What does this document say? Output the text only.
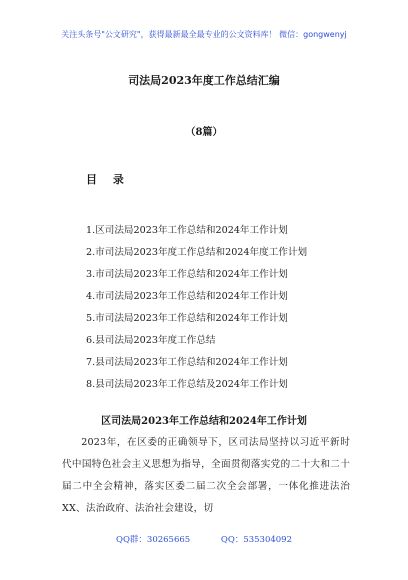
关注头条号"公文研究"，获得最新最全最专业的公文资料库！ 微信：gongwenyj
司法局2023年度工作总结汇编
（8篇）
目 录
1.区司法局2023年工作总结和2024年工作计划
2.市司法局2023年度工作总结和2024年度工作计划
3.市司法局2023年工作总结和2024年工作计划
4.市司法局2023年工作总结和2024年工作计划
5.市司法局2023年工作总结和2024年工作计划
6.县司法局2023年度工作总结
7.县司法局2023年工作总结和2024年工作计划
8.县司法局2023年工作总结及2024年工作计划
区司法局2023年工作总结和2024年工作计划

2023年，在区委的正确领导下，区司法局坚持以习近平新时代中国特色社会主义思想为指导，全面贯彻落实党的二十大和二十届二中全会精神，落实区委二届二次全会部署，一体化推进法治XX、法治政府、法治社会建设，切

QQ群：30265665	QQ：535304092
